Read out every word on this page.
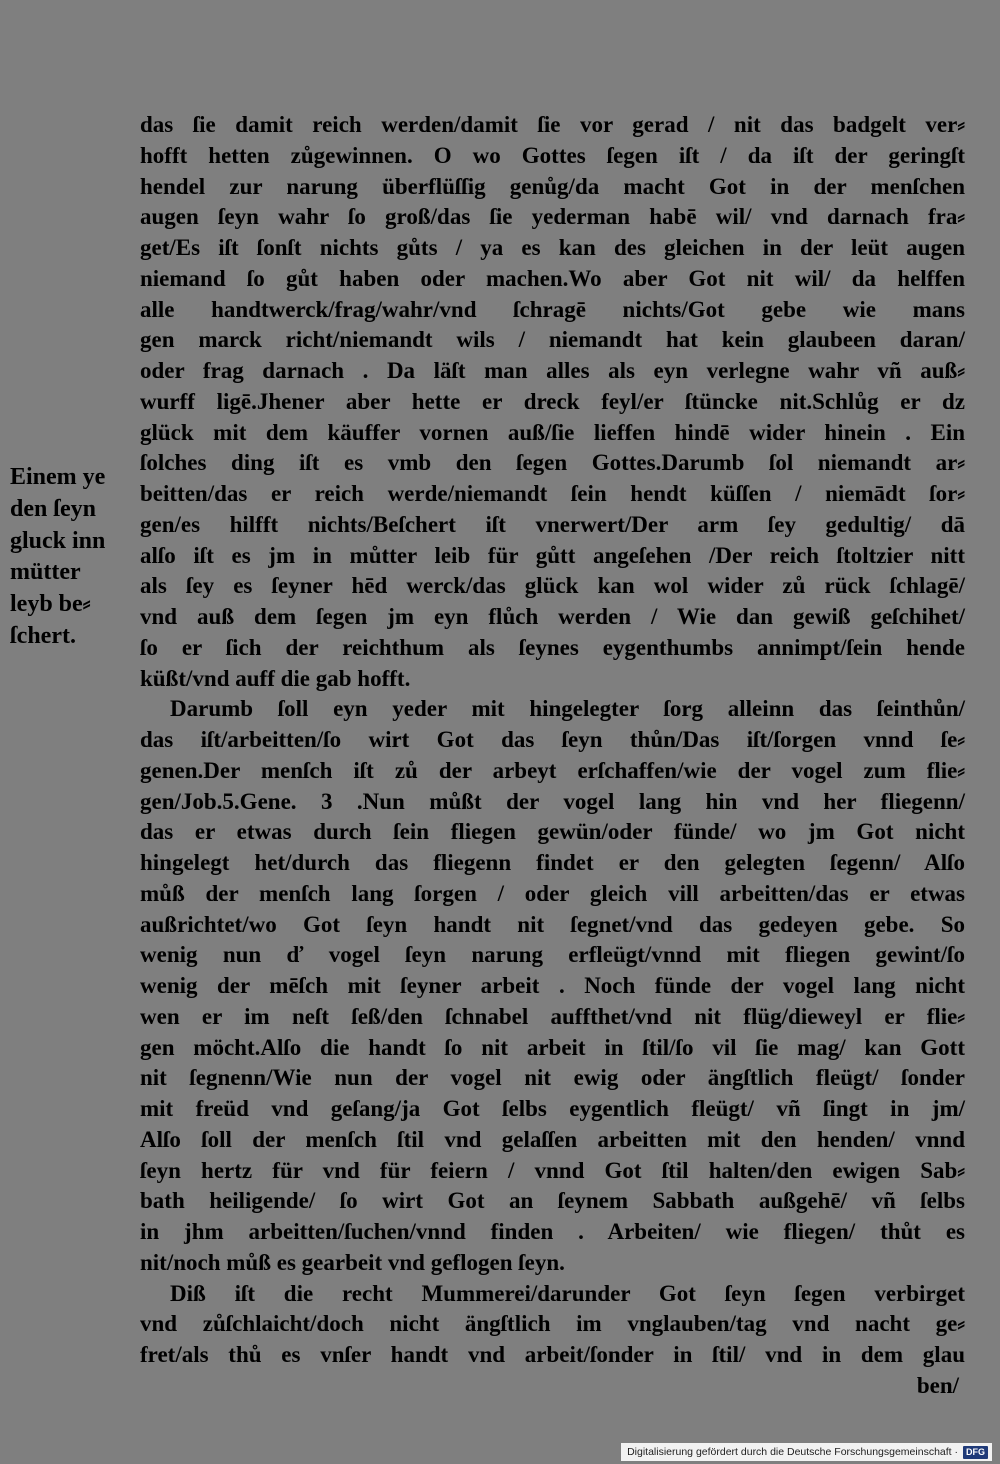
Einem ye
den ſeyn
gluck inn
mütter
leyb be⸗
ſchert.
das ſie damit reich werden/damit ſie vor gerad / nit das badgelt ver⸗
hofft hetten zůgewinnen. O wo Gottes ſegen iſt / da iſt der geringſt
hendel zur narung überflüſſig genůg/da macht Got in der menſchen
augen ſeyn wahr ſo groß/das ſie yederman habē wil/ vnd darnach fra⸗
get/Es iſt ſonſt nichts gůts / ya es kan des gleichen in der leüt augen
niemand ſo gůt haben oder machen.Wo aber Got nit wil/ da helffen
alle handtwerck/frag/wahr/vnd ſchragē nichts/Got gebe wie mans
gen marck richt/niemandt wils / niemandt hat kein glaubeen daran/
oder frag darnach . Da läſt man alles als eyn verlegne wahr vñ auß⸗
wurff ligē.Jhener aber hette er dreck feyl/er ſtüncke nit.Schlůg er dz
glück mit dem käuffer vornen auß/ſie lieffen hindē wider hinein . Ein
ſolches ding iſt es vmb den ſegen Gottes.Darumb ſol niemandt ar⸗
beitten/das er reich werde/niemandt ſein hendt küſſen / niemādt ſor⸗
gen/es hilfft nichts/Beſchert iſt vnerwert/Der arm ſey gedultig/ dā
alſo iſt es jm in můtter leib für gůtt angeſehen /Der reich ſtoltzier nitt
als ſey es ſeyner hēd werck/das glück kan wol wider zů rück ſchlagē/
vnd auß dem ſegen jm eyn flůch werden / Wie dan gewiß geſchihet/
ſo er ſich der reichthum als ſeynes eygenthumbs annimpt/ſein hende
küßt/vnd auff die gab hofft.
Darumb ſoll eyn yeder mit hingelegter ſorg alleinn das ſeinthůn/
das iſt/arbeitten/ſo wirt Got das ſeyn thůn/Das iſt/ſorgen vnnd ſe⸗
genen.Der menſch iſt zů der arbeyt erſchaffen/wie der vogel zum flie⸗
gen/Job.5.Gene. 3 .Nun můßt der vogel lang hin vnd her fliegenn/
das er etwas durch ſein fliegen gewün/oder fünde/ wo jm Got nicht
hingelegt het/durch das fliegenn findet er den gelegten ſegenn/ Alſo
můß der menſch lang ſorgen / oder gleich vill arbeitten/das er etwas
außrichtet/wo Got ſeyn handt nit ſegnet/vnd das gedeyen gebe. So
wenig nun ď vogel ſeyn narung erfleügt/vnnd mit fliegen gewint/ſo
wenig der mēſch mit ſeyner arbeit . Noch fünde der vogel lang nicht
wen er im neſt ſeß/den ſchnabel auffthet/vnd nit flüg/dieweyl er flie⸗
gen möcht.Alſo die handt ſo nit arbeit in ſtil/ſo vil ſie mag/ kan Gott
nit ſegnenn/Wie nun der vogel nit ewig oder ängſtlich fleügt/ ſonder
mit freüd vnd geſang/ja Got ſelbs eygentlich fleügt/ vñ ſingt in jm/
Alſo ſoll der menſch ſtil vnd gelaſſen arbeitten mit den henden/ vnnd
ſeyn hertz für vnd für feiern / vnnd Got ſtil halten/den ewigen Sab⸗
bath heiligende/ ſo wirt Got an ſeynem Sabbath außgehē/ vñ ſelbs
in jhm arbeitten/ſuchen/vnnd finden . Arbeiten/ wie fliegen/ thůt es
nit/noch můß es gearbeit vnd geflogen ſeyn.
Diß iſt die recht Mummerei/darunder Got ſeyn ſegen verbirget
vnd zůſchlaicht/doch nicht ängſtlich im vnglauben/tag vnd nacht ge⸗
fret/als thů es vnſer handt vnd arbeit/ſonder in ſtil/ vnd in dem glau
ben/
Digitalisierung gefördert durch die Deutsche Forschungsgemeinschaft · DFG
